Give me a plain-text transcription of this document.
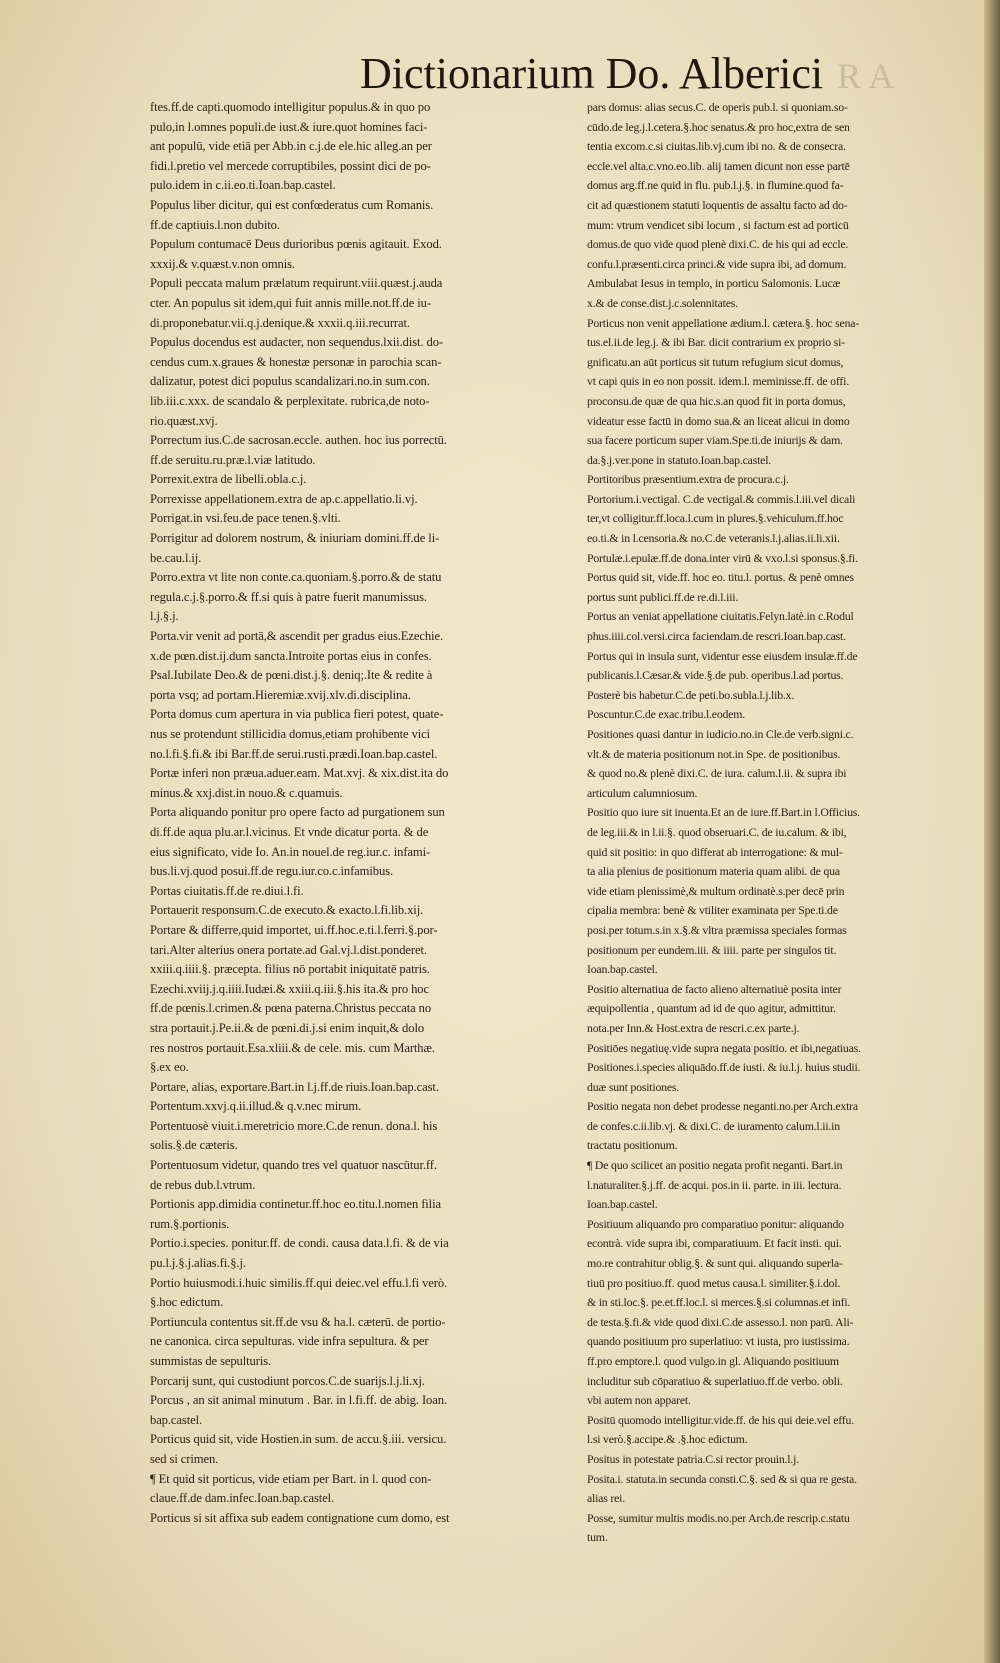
Dictionarium Do. Alberici R A
ftes.ff.de capti.quomodo intelligitur populus.& in quo po
pulo,in l.omnes populi.de iust.& iure.quot homines faci-
ant populū, vide etiā per Abb.in c.j.de ele.hic alleg.an per
fidi.l.pretio vel mercede corruptibiles, possint dici de po-
pulo.idem in c.ii.eo.ti.Ioan.bap.castel.
Populus liber dicitur, qui est confœderatus cum Romanis.
ff.de captiuis.l.non dubito.
Populum contumacē Deus durioribus pœnis agitauit. Exod.
xxxij.& v.quæst.v.non omnis.
Populi peccata malum prælatum requirunt.viii.quæst.j.auda
cter. An populus sit idem,qui fuit annis mille.not.ff.de iu-
di.proponebatur.vii.q.j.denique.& xxxii.q.iii.recurrat.
Populus docendus est audacter, non sequendus.lxii.dist. do-
cendus cum.x.graues & honestæ personæ in parochia scan-
dalizatur, potest dici populus scandalizari.no.in sum.con.
lib.iii.c.xxx. de scandalo & perplexitate. rubrica,de noto-
rio.quæst.xvj.
Porrectum ius.C.de sacrosan.eccle. authen. hoc ius porrectū.
ff.de seruitu.ru.præ.l.viæ latitudo.
Porrexit.extra de libelli.obla.c.j.
Porrexisse appellationem.extra de ap.c.appellatio.li.vj.
Porrigat.in vsi.feu.de pace tenen.§.vlti.
Porrigitur ad dolorem nostrum, & iniuriam domini.ff.de li-
be.cau.l.ij.
Porro.extra vt lite non conte.ca.quoniam.§.porro.& de statu
regula.c.j.§.porro.& ff.si quis à patre fuerit manumissus.
l.j.§.j.
Porta.vir venit ad portā,& ascendit per gradus eius.Ezechie.
x.de pœn.dist.ij.dum sancta.Introite portas eius in confes.
Psal.Iubilate Deo.& de pœni.dist.j.§. deniq;.Ite & redite à
porta vsq; ad portam.Hieremiæ.xvij.xlv.di.disciplina.
Porta domus cum apertura in via publica fieri potest, quate-
nus se protendunt stillicidia domus,etiam prohibente vici
no.l.fi.§.fi.& ibi Bar.ff.de serui.rusti.prædi.Ioan.bap.castel.
Portæ inferi non præua.aduer.eam. Mat.xvj. & xix.dist.ita do
minus.& xxj.dist.in nouo.& c.quamuis.
Porta aliquando ponitur pro opere facto ad purgationem sun
di.ff.de aqua plu.ar.l.vicinus. Et vnde dicatur porta. & de
eius significato, vide Io. An.in nouel.de reg.iur.c. infami-
bus.li.vj.quod posui.ff.de regu.iur.co.c.infamibus.
Portas ciuitatis.ff.de re.diui.l.fi.
Portauerit responsum.C.de executo.& exacto.l.fi.lib.xij.
Portare & differre,quid importet, ui.ff.hoc.e.ti.l.ferri.§.por-
tari.Alter alterius onera portate.ad Gal.vj.l.dist.ponderet.
xxiii.q.iiii.§. præcepta. filius nō portabit iniquitatē patris.
Ezechi.xviij.j.q.iiii.Iudæi.& xxiii.q.iii.§.his ita.& pro hoc
ff.de pœnis.l.crimen.& pœna paterna.Christus peccata no
stra portauit.j.Pe.ii.& de pœni.di.j.si enim inquit,& dolo
res nostros portauit.Esa.xliii.& de cele. mis. cum Marthæ.
§.ex eo.
Portare, alias, exportare.Bart.in l.j.ff.de riuis.Ioan.bap.cast.
Portentum.xxvj.q.ii.illud.& q.v.nec mirum.
Portentuosè viuit.i.meretricio more.C.de renun. dona.l. his
solis.§.de cæteris.
Portentuosum videtur, quando tres vel quatuor nascūtur.ff.
de rebus dub.l.vtrum.
Portionis app.dimidia continetur.ff.hoc eo.titu.l.nomen filia
rum.§.portionis.
Portio.i.species. ponitur.ff. de condi. causa data.l.fi. & de via
pu.l.j.§.j.alias.fi.§.j.
Portio huiusmodi.i.huic similis.ff.qui deiec.vel effu.l.fi verò.
§.hoc edictum.
Portiuncula contentus sit.ff.de vsu & ha.l. cæterū. de portio-
ne canonica. circa sepulturas. vide infra sepultura. & per
summistas de sepulturis.
Porcarij sunt, qui custodiunt porcos.C.de suarijs.l.j.li.xj.
Porcus , an sit animal minutum . Bar. in l.fi.ff. de abig. Ioan.
bap.castel.
Porticus quid sit, vide Hostien.in sum. de accu.§.iii. versicu.
sed si crimen.
¶ Et quid sit porticus, vide etiam per Bart. in l. quod con-
claue.ff.de dam.infec.Ioan.bap.castel.
Porticus si sit affixa sub eadem contignatione cum domo, est
pars domus: alias secus.C. de operis pub.l. si quoniam.so-
cūdo.de leg.j.l.cetera.§.hoc senatus.& pro hoc,extra de sen
tentia excom.c.si ciuitas.lib.vj.cum ibi no. & de consecra.
eccle.vel alta.c.vno.eo.lib. alij tamen dicunt non esse partē
domus arg.ff.ne quid in flu. pub.l.j.§. in flumine.quod fa-
cit ad quæstionem statuti loquentis de assaltu facto ad do-
mum: vtrum vendicet sibi locum , si factum est ad porticū
domus.de quo vide quod plenè dixi.C. de his qui ad eccle.
confu.l.præsenti.circa princi.& vide supra ibi, ad domum.
Ambulabat Iesus in templo, in porticu Salomonis. Lucæ
x.& de conse.dist.j.c.solennitates.
Porticus non venit appellatione ædium.l. cætera.§. hoc sena-
tus.el.ii.de leg.j. & ibi Bar. dicit contrarium ex proprio si-
gnificatu.an aūt porticus sit tutum refugium sicut domus,
vt capi quis in eo non possit. idem.l. meminisse.ff. de offi.
proconsu.de quæ de qua hic.s.an quod fit in porta domus,
videatur esse factū in domo sua.& an liceat alicui in domo
sua facere porticum super viam.Spe.ti.de iniurijs & dam.
da.§.j.ver.pone in statuto.Ioan.bap.castel.
Portitoribus præsentium.extra de procura.c.j.
Portorium.i.vectigal. C.de vectigal.& commis.l.iii.vel dicali
ter,vt colligitur.ff.loca.l.cum in plures.§.vehiculum.ff.hoc
eo.ti.& in l.censoria.& no.C.de veteranis.l.j.alias.ii.li.xii.
Portulæ.i.epulæ.ff.de dona.inter virū & vxo.l.si sponsus.§.fi.
Portus quid sit, vide.ff. hoc eo. titu.l. portus. & penè omnes
portus sunt publici.ff.de re.di.l.iii.
Portus an veniat appellatione ciuitatis.Felyn.latè.in c.Rodul
phus.iiii.col.versi.circa faciendam.de rescri.Ioan.bap.cast.
Portus qui in insula sunt, videntur esse eiusdem insulæ.ff.de
publicanis.l.Cæsar.& vide.§.de pub. operibus.l.ad portus.
Posterè bis habetur.C.de peti.bo.subla.l.j.lib.x.
Poscuntur.C.de exac.tribu.l.eodem.
Positiones quasi dantur in iudicio.no.in Cle.de verb.signi.c.
vlt.& de materia positionum not.in Spe. de positionibus.
& quod no.& plenè dixi.C. de iura. calum.l.ii. & supra ibi
articulum calumniosum.
Positio quo iure sit inuenta.Et an de iure.ff.Bart.in l.Officius.
de leg.iii.& in l.ii.§. quod obseruari.C. de iu.calum. & ibi,
quid sit positio: in quo differat ab interrogatione: & mul-
ta alia plenius de positionum materia quam alibi. de qua
vide etiam plenissimè,& multum ordinatè.s.per decē prin
cipalia membra: benè & vtiliter examinata per Spe.ti.de
posi.per totum.s.in x.§.& vltra præmissa speciales formas
positionum per eundem.iii. & iiii. parte per singulos tit.
Ioan.bap.castel.
Positio alternatiua de facto alieno alternatiuè posita inter
æquipollentia , quantum ad id de quo agitur, admittitur.
nota.per Inn.& Host.extra de rescri.c.ex parte.j.
Positiōes negatiuę.vide supra negata positio. et ibi,negatiuas.
Positiones.i.species aliquādo.ff.de iusti. & iu.l.j. huius studii.
duæ sunt positiones.
Positio negata non debet prodesse neganti.no.per Arch.extra
de confes.c.ii.lib.vj. & dixi.C. de iuramento calum.l.ii.in
tractatu positionum.
¶ De quo scilicet an positio negata profit neganti. Bart.in
l.naturaliter.§.j.ff. de acqui. pos.in ii. parte. in iii. lectura.
Ioan.bap.castel.
Positiuum aliquando pro comparatiuo ponitur: aliquando
econtrà. vide supra ibi, comparatiuum. Et facit insti. qui.
mo.re contrahitur oblig.§. & sunt qui. aliquando superla-
tiuū pro positiuo.ff. quod metus causa.l. similiter.§.i.dol.
& in sti.loc.§. pe.et.ff.loc.l. si merces.§.si columnas.et infi.
de testa.§.fi.& vide quod dixi.C.de assesso.l. non parū. Ali-
quando positiuum pro superlatiuo: vt iusta, pro iustissima.
ff.pro emptore.l. quod vulgo.in gl. Aliquando positiuum
includitur sub cōparatiuo & superlatiuo.ff.de verbo. obli.
vbi autem non apparet.
Positū quomodo intelligitur.vide.ff. de his qui deie.vel effu.
l.si verò.§.accipe.& .§.hoc edictum.
Positus in potestate patria.C.si rector prouin.l.j.
Posita.i. statuta.in secunda consti.C.§. sed & si qua re gesta.
alias rei.
Posse, sumitur multis modis.no.per Arch.de rescrip.c.statu
tum.
